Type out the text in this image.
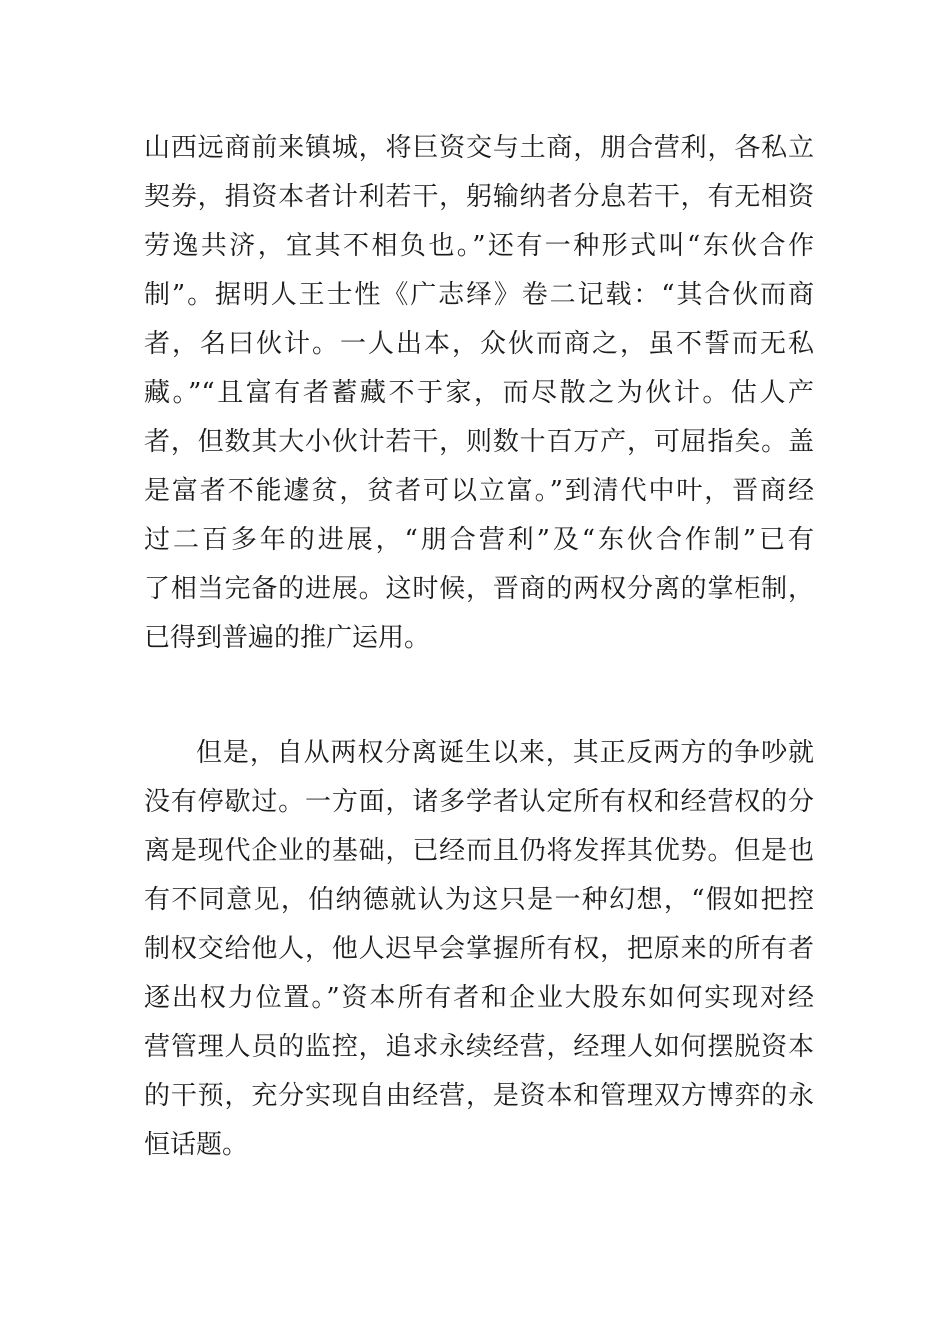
山西远商前来镇城，将巨资交与土商，朋合营利，各私立
契券，捐资本者计利若干，躬输纳者分息若干，有无相资
劳逸共济，宜其不相负也。”还有一种形式叫“东伙合作
制”。据明人王士性《广志绎》卷二记载：“其合伙而商
者，名曰伙计。一人出本，众伙而商之，虽不誓而无私
藏。”“且富有者蓄藏不于家，而尽散之为伙计。估人产
者，但数其大小伙计若干，则数十百万产，可屈指矣。盖
是富者不能遽贫，贫者可以立富。”到清代中叶，晋商经
过二百多年的进展，“朋合营利”及“东伙合作制”已有
了相当完备的进展。这时候，晋商的两权分离的掌柜制，
已得到普遍的推广运用。
但是，自从两权分离诞生以来，其正反两方的争吵就
没有停歇过。一方面，诸多学者认定所有权和经营权的分
离是现代企业的基础，已经而且仍将发挥其优势。但是也
有不同意见，伯纳德就认为这只是一种幻想，“假如把控
制权交给他人，他人迟早会掌握所有权，把原来的所有者
逐出权力位置。”资本所有者和企业大股东如何实现对经
营管理人员的监控，追求永续经营，经理人如何摆脱资本
的干预，充分实现自由经营，是资本和管理双方博弈的永
恒话题。
